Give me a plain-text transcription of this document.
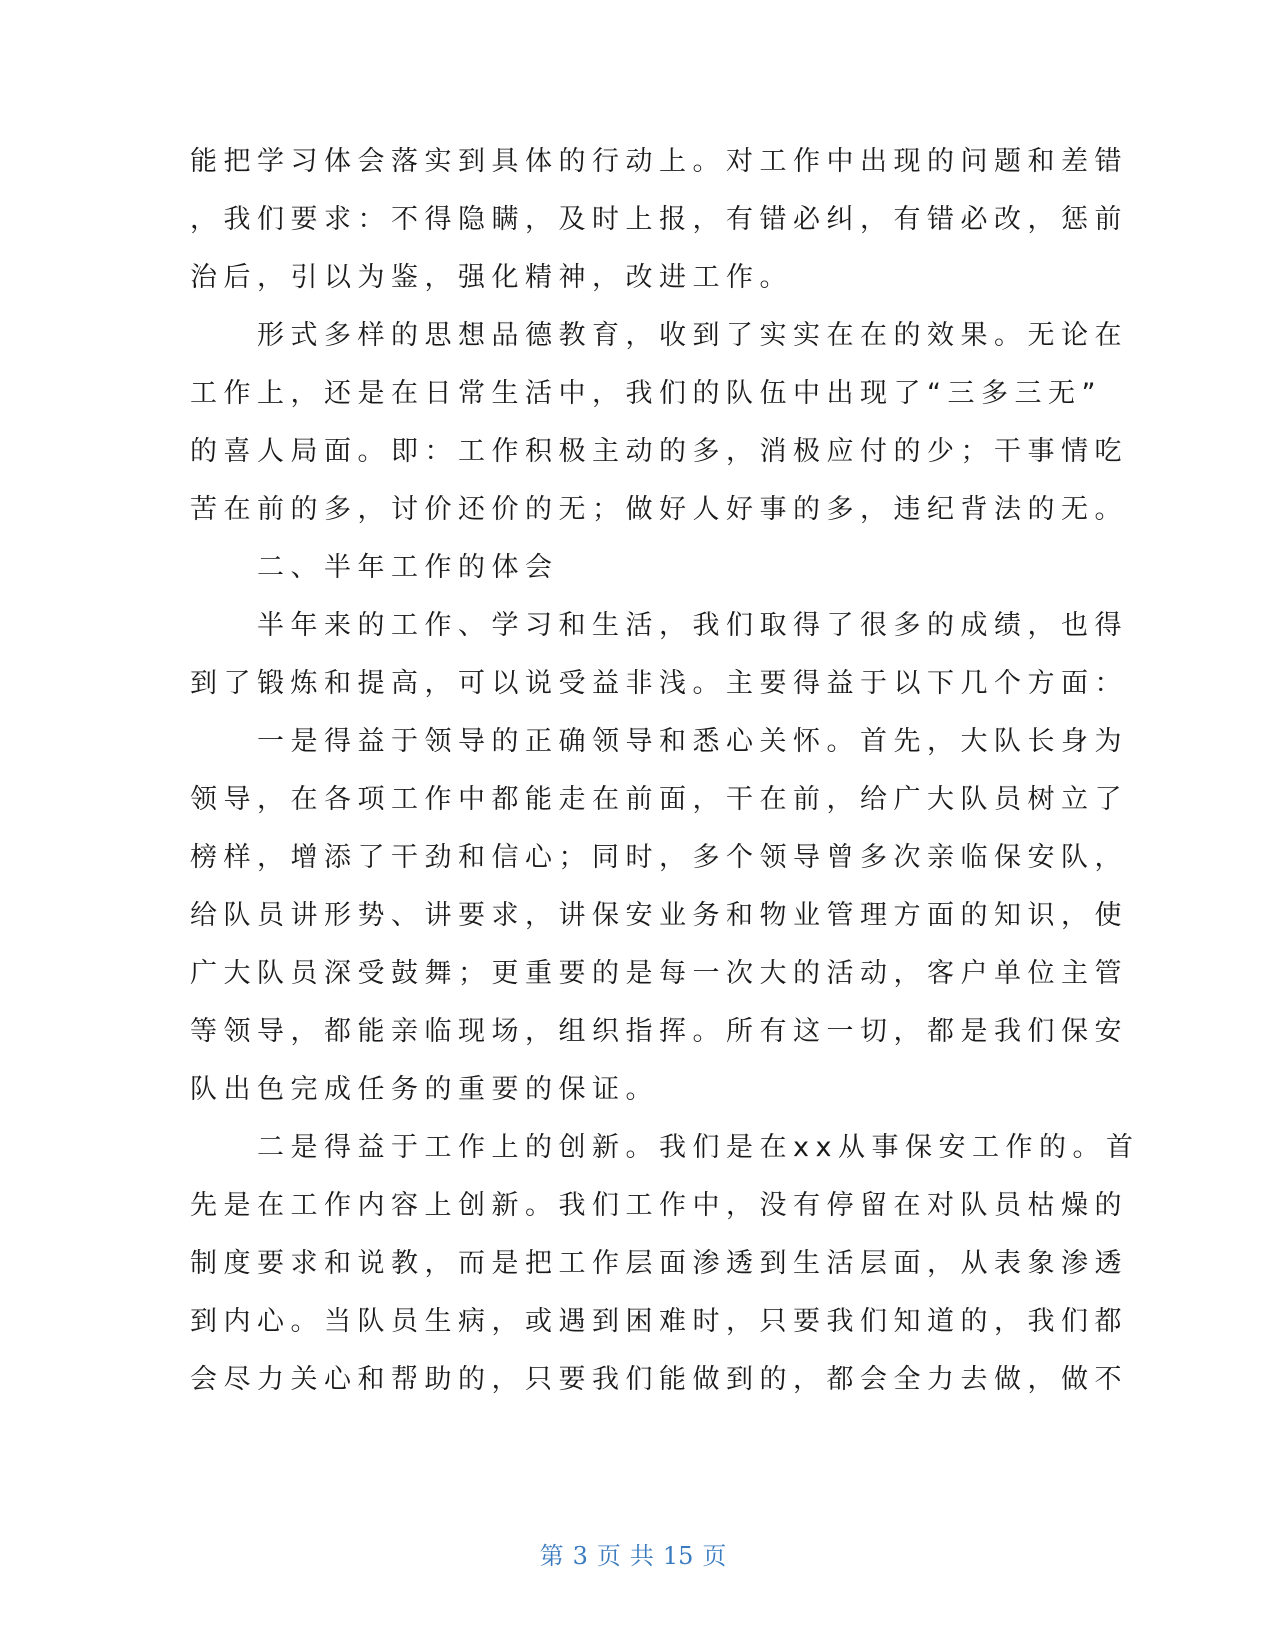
能把学习体会落实到具体的行动上。对工作中出现的问题和差错
，我们要求：不得隐瞒，及时上报，有错必纠，有错必改，惩前
治后，引以为鉴，强化精神，改进工作。
　　形式多样的思想品德教育，收到了实实在在的效果。无论在
工作上，还是在日常生活中，我们的队伍中出现了“三多三无”
的喜人局面。即：工作积极主动的多，消极应付的少；干事情吃
苦在前的多，讨价还价的无；做好人好事的多，违纪背法的无。
　　二、半年工作的体会
　　半年来的工作、学习和生活，我们取得了很多的成绩，也得
到了锻炼和提高，可以说受益非浅。主要得益于以下几个方面：
　　一是得益于领导的正确领导和悉心关怀。首先，大队长身为
领导，在各项工作中都能走在前面，干在前，给广大队员树立了
榜样，增添了干劲和信心；同时，多个领导曾多次亲临保安队，
给队员讲形势、讲要求，讲保安业务和物业管理方面的知识，使
广大队员深受鼓舞；更重要的是每一次大的活动，客户单位主管
等领导，都能亲临现场，组织指挥。所有这一切，都是我们保安
队出色完成任务的重要的保证。
　　二是得益于工作上的创新。我们是在xx从事保安工作的。首
先是在工作内容上创新。我们工作中，没有停留在对队员枯燥的
制度要求和说教，而是把工作层面渗透到生活层面，从表象渗透
到内心。当队员生病，或遇到困难时，只要我们知道的，我们都
会尽力关心和帮助的，只要我们能做到的，都会全力去做，做不
第 3 页 共 15 页
